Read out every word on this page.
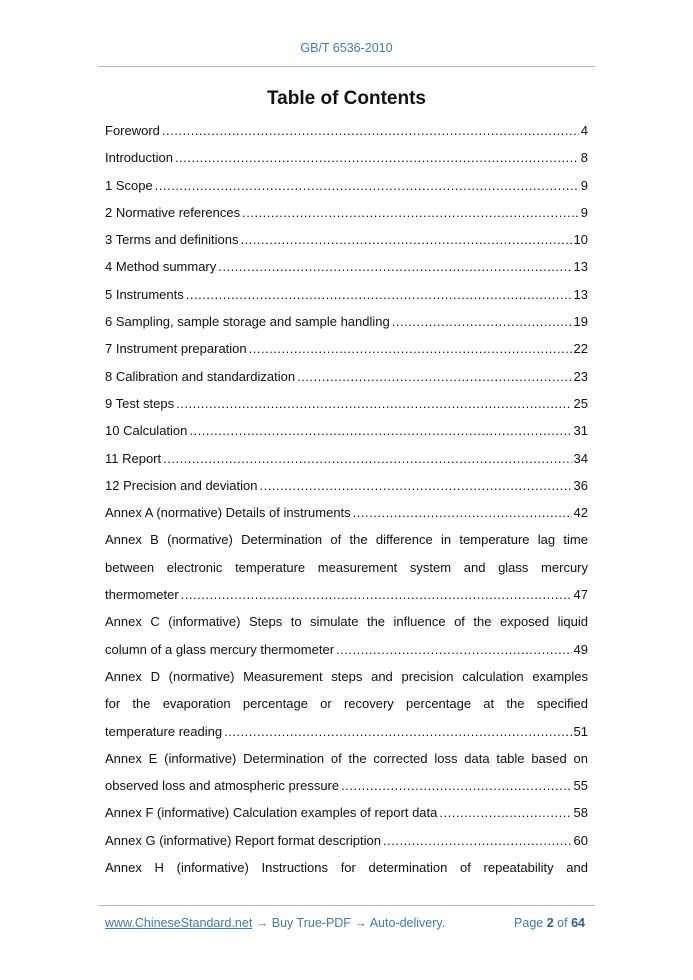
GB/T 6536-2010
Table of Contents
Foreword .....	4
Introduction .....	8
1 Scope .....	9
2 Normative references .....	9
3 Terms and definitions .....	10
4 Method summary .....	13
5 Instruments .....	13
6 Sampling, sample storage and sample handling .....	19
7 Instrument preparation .....	22
8 Calibration and standardization .....	23
9 Test steps .....	25
10 Calculation .....	31
11 Report .....	34
12 Precision and deviation .....	36
Annex A (normative) Details of instruments .....	42
Annex B (normative) Determination of the difference in temperature lag time
between electronic temperature measurement system and glass mercury
thermometer .....	47
Annex C (informative) Steps to simulate the influence of the exposed liquid
column of a glass mercury thermometer .....	49
Annex D (normative) Measurement steps and precision calculation examples
for the evaporation percentage or recovery percentage at the specified
temperature reading .....	51
Annex E (informative) Determination of the corrected loss data table based on
observed loss and atmospheric pressure .....	55
Annex F (informative) Calculation examples of report data .....	58
Annex G (informative) Report format description .....	60
Annex H (informative) Instructions for determination of repeatability and
www.ChineseStandard.net → Buy True-PDF → Auto-delivery.	Page 2 of 64
